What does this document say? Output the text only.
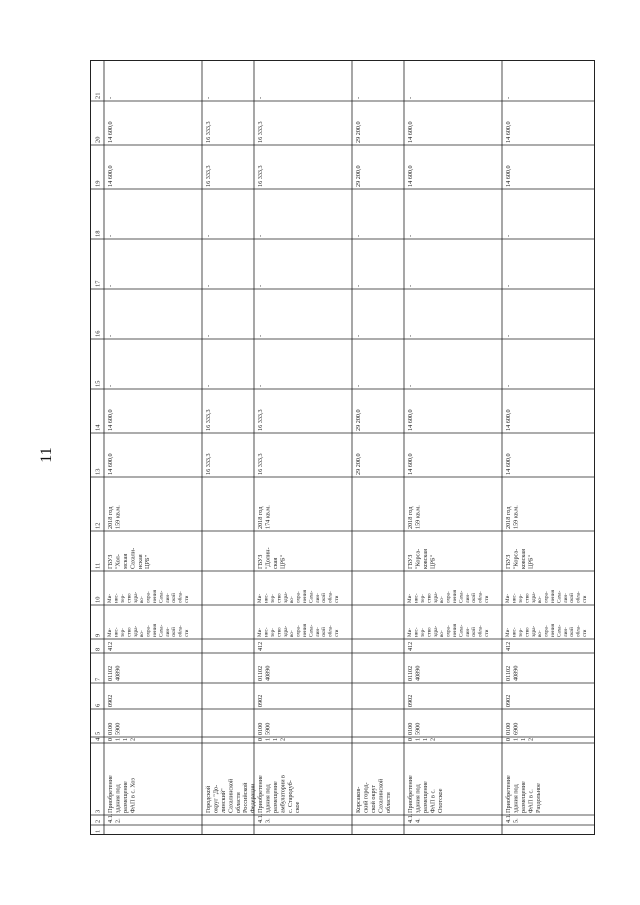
11
1
2
3
4
5
6
7
8
9
10
11
12
13
14
15
16
17
18
19
20
21
4.1. 2.
Приобретение здания под размещение ФАП в с. Хоз
0 1 1 2
0100 5900
0902
01102 40890
412
Ми- нис- тер- ство здра- во- охра- нения Саха- лин- ской обла- сти
Ми- нис- тер- ство здра- во- охра- нения Саха- лин- ской обла- сти
ГБУЗ "Хол- мская Сахали- нская ЦРБ"
2018 год 159 кв.м.
14 600,0
14 600,0
-
-
-
-
14 600,0
14 600,0
-
Городской округ "До- линский" Сахалинской области Российской Федерации
16 333,3
16 333,3
-
-
-
-
16 333,3
16 333,3
-
4.1. 3.
Приобретение здания под размещение амбулатории в с. Стародуб- ское
0 1 1 2
0100 5900
0902
01102 40890
412
Ми- нис- тер- ство здра- во- охра- нения Саха- лин- ской обла- сти
Ми- нис- тер- ство здра- во- охра- нения Саха- лин- ской обла- сти
ГБУЗ "Долин- ская ЦРБ"
2018 год 174 кв.м.
16 333,3
16 333,3
-
-
-
-
16 333,3
16 333,3
-
Корсаков- ский город- ской округ Сахалинской области
29 200,0
29 200,0
-
-
-
-
29 200,0
29 200,0
-
4.1. 4.
Приобретение здания под размещение ФАП в с. Охотское
0 1 1 2
0100 5900
0902
01102 40890
412
Ми- нис- тер- ство здра- во- охра- нения Саха- лин- ской обла- сти
Ми- нис- тер- ство здра- во- охра- нения Саха- лин- ской обла- сти
ГБУЗ "Корса- ковская ЦРБ"
2018 год 159 кв.м.
14 600,0
14 600,0
-
-
-
-
14 600,0
14 600,0
-
4.1. 5.
Приобретение здания под размещение ФАП в с. Раздольное
0 1 1 2
0100 6900
0902
01102 40890
412
Ми- нис- тер- ство здра- во- охра- нения Саха- лин- ской обла- сти
Ми- нис- тер- ство здра- во- охра- нения Саха- лин- ской обла- сти
ГБУЗ "Корса- ковская ЦРБ"
2018 год 159 кв.м.
14 600,0
14 600,0
-
-
-
-
14 600,0
14 600,0
-
